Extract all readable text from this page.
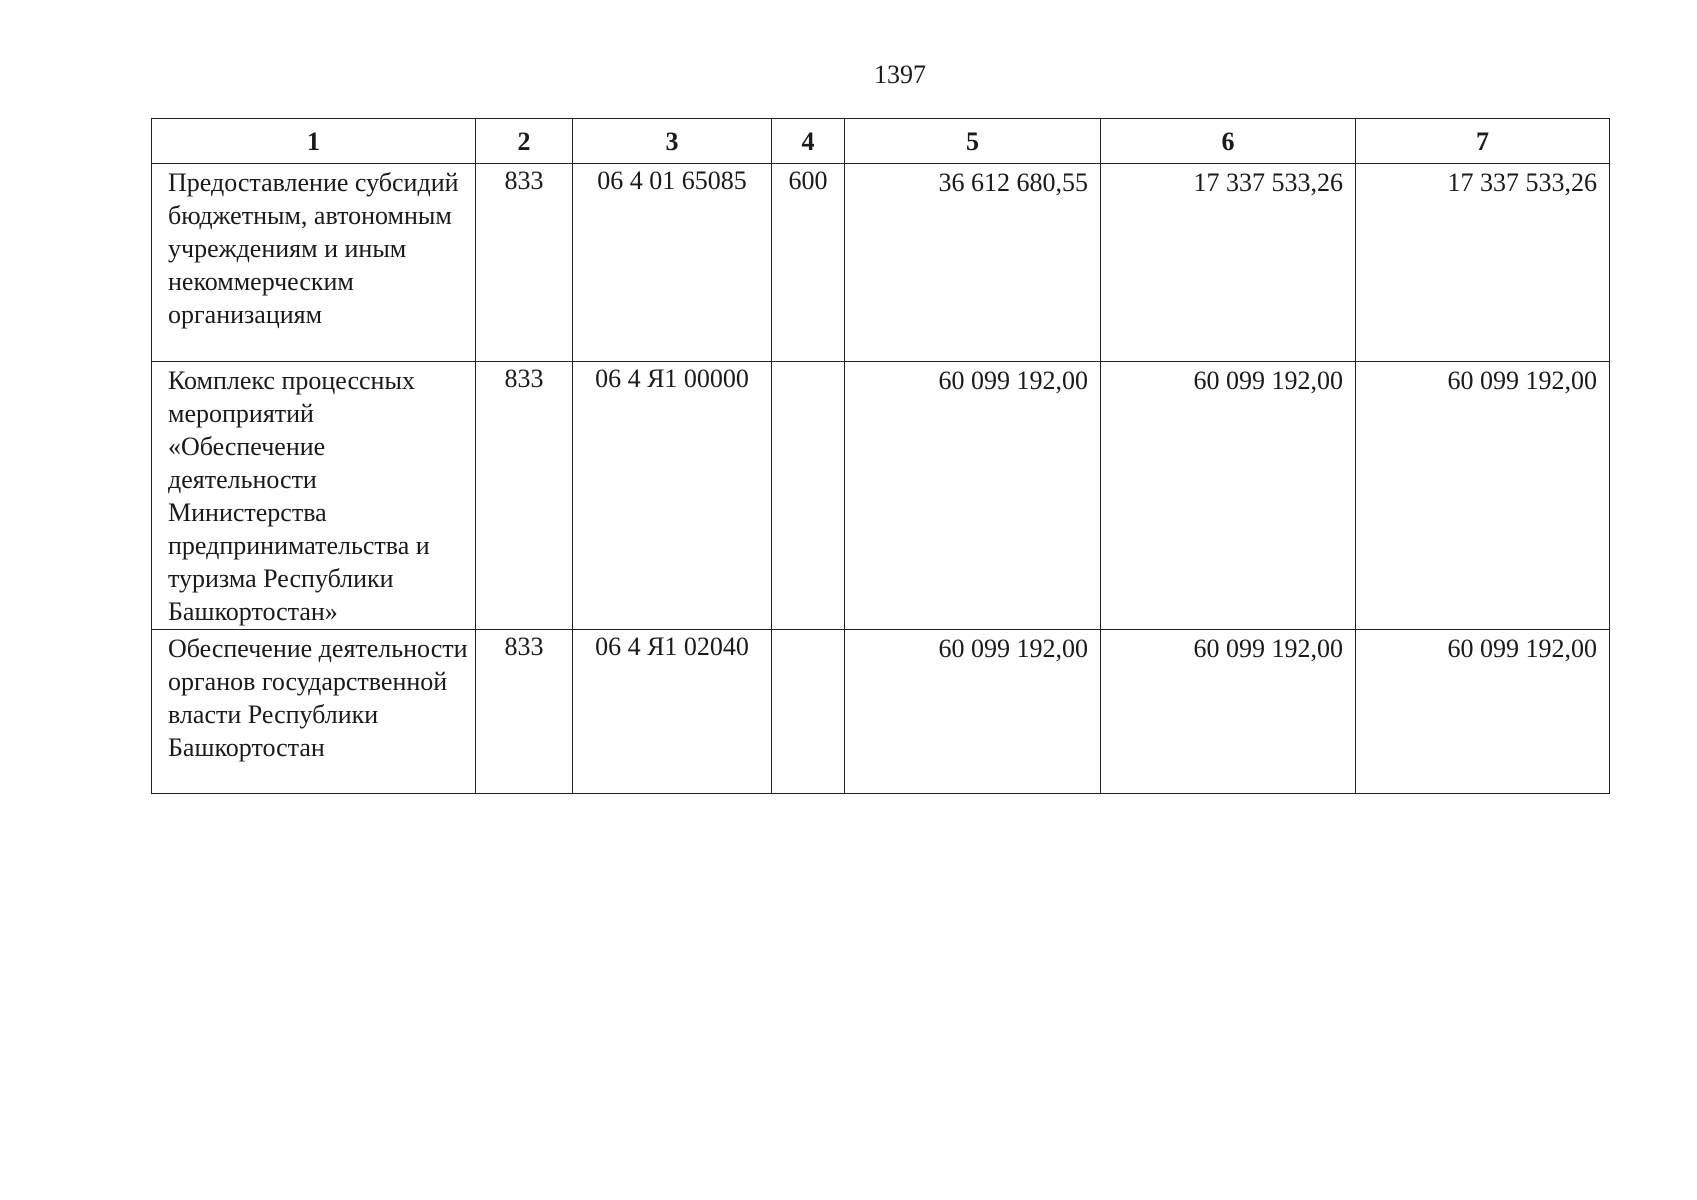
1397
1	2	3	4	5	6	7
Предоставление субсидий бюджетным, автономным учреждениям и иным некоммерческим организациям	833	06 4 01 65085	600	36 612 680,55	17 337 533,26	17 337 533,26
Комплекс процессных мероприятий «Обеспечение деятельности Министерства предпринимательства и туризма Республики Башкортостан»	833	06 4 Я1 00000		60 099 192,00	60 099 192,00	60 099 192,00
Обеспечение деятельности органов государственной власти Республики Башкортостан	833	06 4 Я1 02040		60 099 192,00	60 099 192,00	60 099 192,00
